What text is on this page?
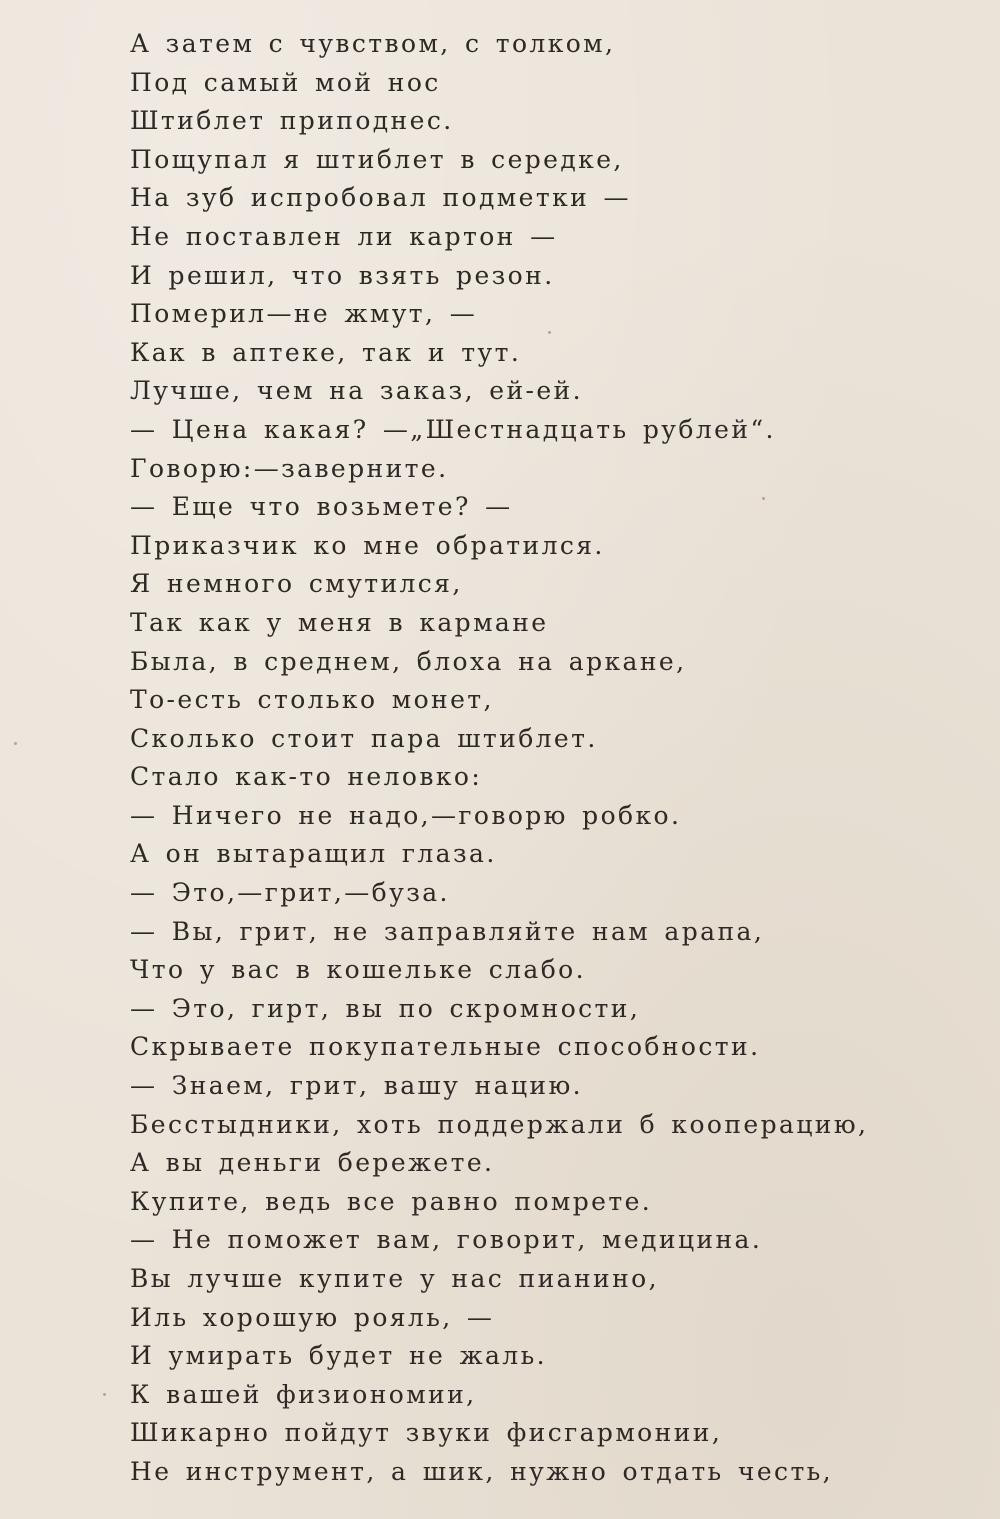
А затем с чувством, с толком,
Под самый мой нос
Штиблет приподнес.
Пощупал я штиблет в середке,
На зуб испробовал подметки —
Не поставлен ли картон —
И решил, что взять резон.
Померил—не жмут, —
Как в аптеке, так и тут.
Лучше, чем на заказ, ей-ей.
— Цена какая? —„Шестнадцать рублей“.
Говорю:—заверните.
— Еще что возьмете? —
Приказчик ко мне обратился.
Я немного смутился,
Так как у меня в кармане
Была, в среднем, блоха на аркане,
То-есть столько монет,
Сколько стоит пара штиблет.
Стало как-то неловко:
— Ничего не надо,—говорю робко.
А он вытаращил глаза.
— Это,—грит,—буза.
— Вы, грит, не заправляйте нам арапа,
Что у вас в кошельке слабо.
— Это, гирт, вы по скромности,
Скрываете покупательные способности.
— Знаем, грит, вашу нацию.
Бесстыдники, хоть поддержали б кооперацию,
А вы деньги бережете.
Купите, ведь все равно помрете.
— Не поможет вам, говорит, медицина.
Вы лучше купите у нас пианино,
Иль хорошую рояль, —
И умирать будет не жаль.
К вашей физиономии,
Шикарно пойдут звуки фисгармонии,
Не инструмент, а шик, нужно отдать честь,
